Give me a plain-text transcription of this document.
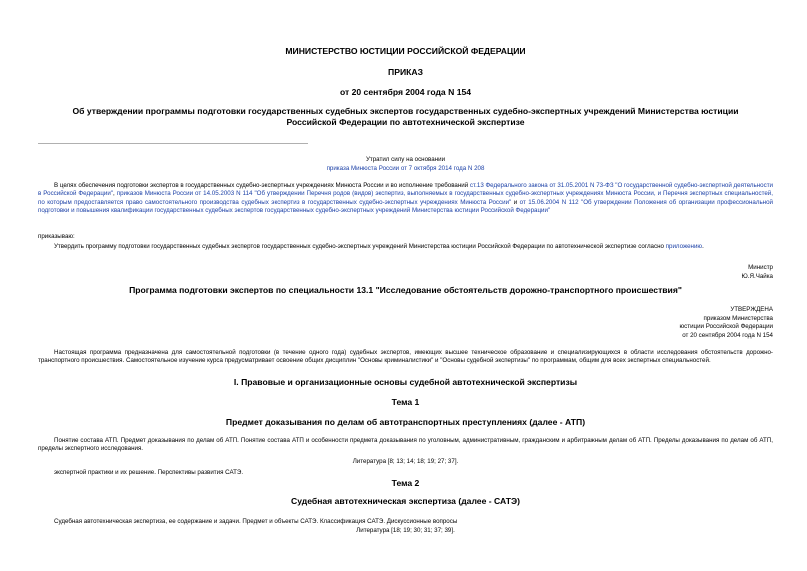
МИНИСТЕРСТВО ЮСТИЦИИ РОССИЙСКОЙ ФЕДЕРАЦИИ
ПРИКАЗ
от 20 сентября 2004 года N 154
Об утверждении программы подготовки государственных судебных экспертов государственных судебно-экспертных учреждений Министерства юстиции Российской Федерации по автотехнической экспертизе
Утратил силу на основании
приказа Минюста России от 7 октября 2014 года N 208
В целях обеспечения подготовки экспертов в государственных судебно-экспертных учреждениях Минюста России и во исполнение требований ст.13 Федерального закона от 31.05.2001 N 73-ФЗ "О государственной судебно-экспертной деятельности в Российской Федерации", приказов Минюста России от 14.05.2003 N 114 "Об утверждении Перечня родов (видов) экспертиз, выполняемых в государственных судебно-экспертных учреждениях Минюста России, и Перечня экспертных специальностей, по которым предоставляется право самостоятельного производства судебных экспертиз в государственных судебно-экспертных учреждениях Минюста России" и от 15.06.2004 N 112 "Об утверждении Положения об организации профессиональной подготовки и повышения квалификации государственных судебных экспертов государственных судебно-экспертных учреждений Министерства юстиции Российской Федерации"
приказываю:
Утвердить программу подготовки государственных судебных экспертов государственных судебно-экспертных учреждений Министерства юстиции Российской Федерации по автотехнической экспертизе согласно приложению.
Министр
Ю.Я.Чайка
Программа подготовки экспертов по специальности 13.1 "Исследование обстоятельств дорожно-транспортного происшествия"
УТВЕРЖДЕНА
приказом Министерства
юстиции Российской Федерации
от 20 сентября 2004 года N 154
Настоящая программа предназначена для самостоятельной подготовки (в течение одного года) судебных экспертов, имеющих высшее техническое образование и специализирующихся в области исследования обстоятельств дорожно-транспортного происшествия. Самостоятельное изучение курса предусматривает освоение общих дисциплин "Основы криминалистики" и "Основы судебной экспертизы" по программам, общим для всех экспертных специальностей.
I. Правовые и организационные основы судебной автотехнической экспертизы
Тема 1
Предмет доказывания по делам об автотранспортных преступлениях (далее - АТП)
Понятие состава АТП. Предмет доказывания по делам об АТП. Понятие состава АТП и особенности предмета доказывания по уголовным, административным, гражданским и арбитражным делам об АТП. Пределы доказывания по делам об АТП, пределы экспертного исследования.
Литература [8; 13; 14; 18; 19; 27; 37].
экспертной практики и их решение. Перспективы развития САТЭ.
Тема 2
Судебная автотехническая экспертиза (далее - САТЭ)
Судебная автотехническая экспертиза, ее содержание и задачи. Предмет и объекты САТЭ. Классификация САТЭ. Дискуссионные вопросы
Литература [18; 19; 30; 31; 37; 39].
